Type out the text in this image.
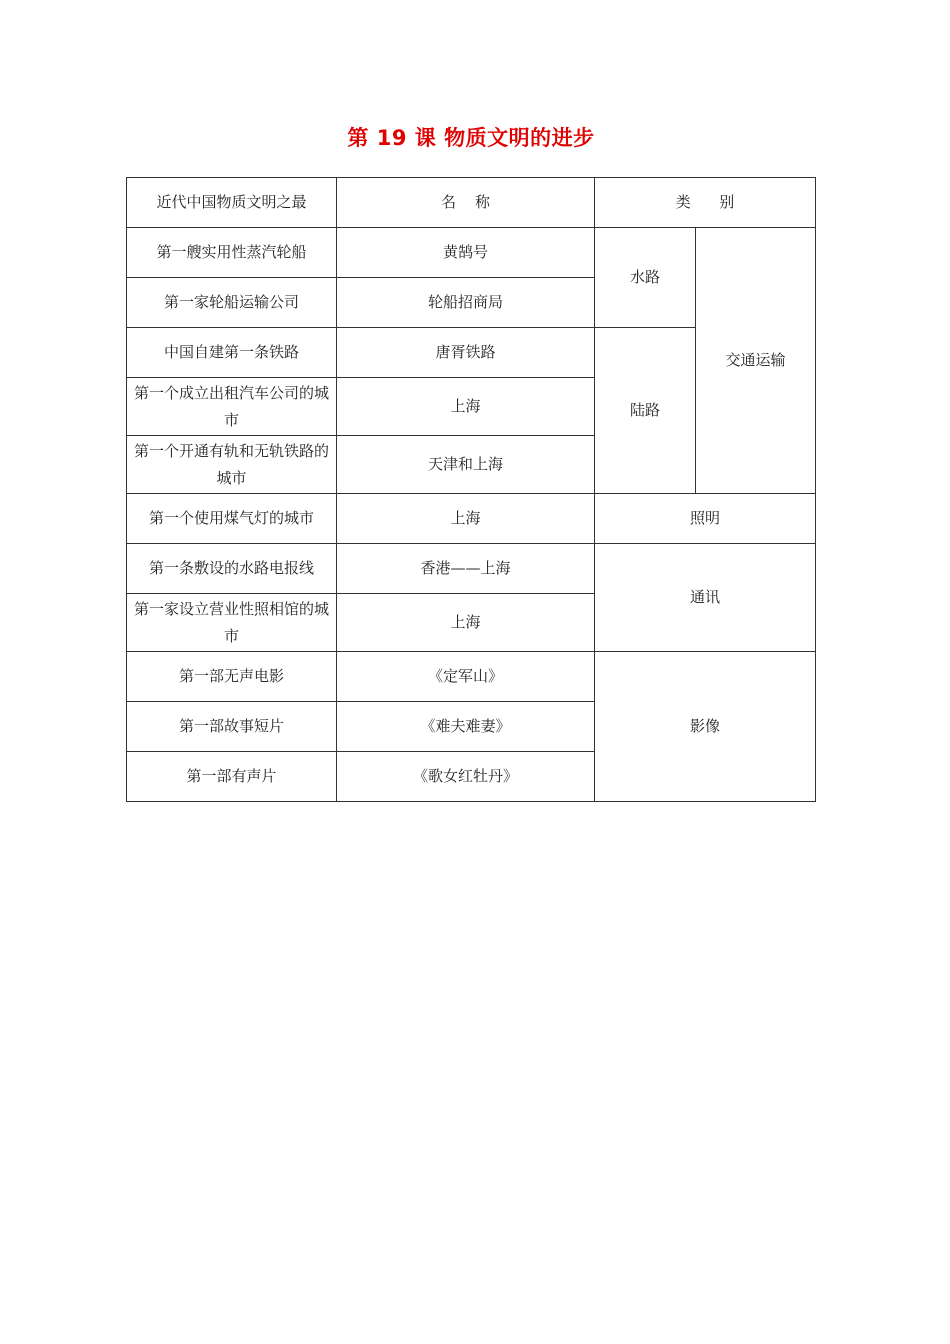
第 19 课 物质文明的进步
近代中国物质文明之最	名    称	类      别	
第一艘实用性蒸汽轮船	黄鹄号	水路	交通运输
第一家轮船运输公司	轮船招商局		
中国自建第一条铁路	唐胥铁路	陆路	
第一个成立出租汽车公司的城市	上海		
第一个开通有轨和无轨铁路的城市	天津和上海		
第一个使用煤气灯的城市	上海	照明	
第一条敷设的水路电报线	香港——上海	通讯	
第一家设立营业性照相馆的城市	上海		
第一部无声电影	《定军山》	影像	
第一部故事短片	《难夫难妻》		
第一部有声片	《歌女红牡丹》		
